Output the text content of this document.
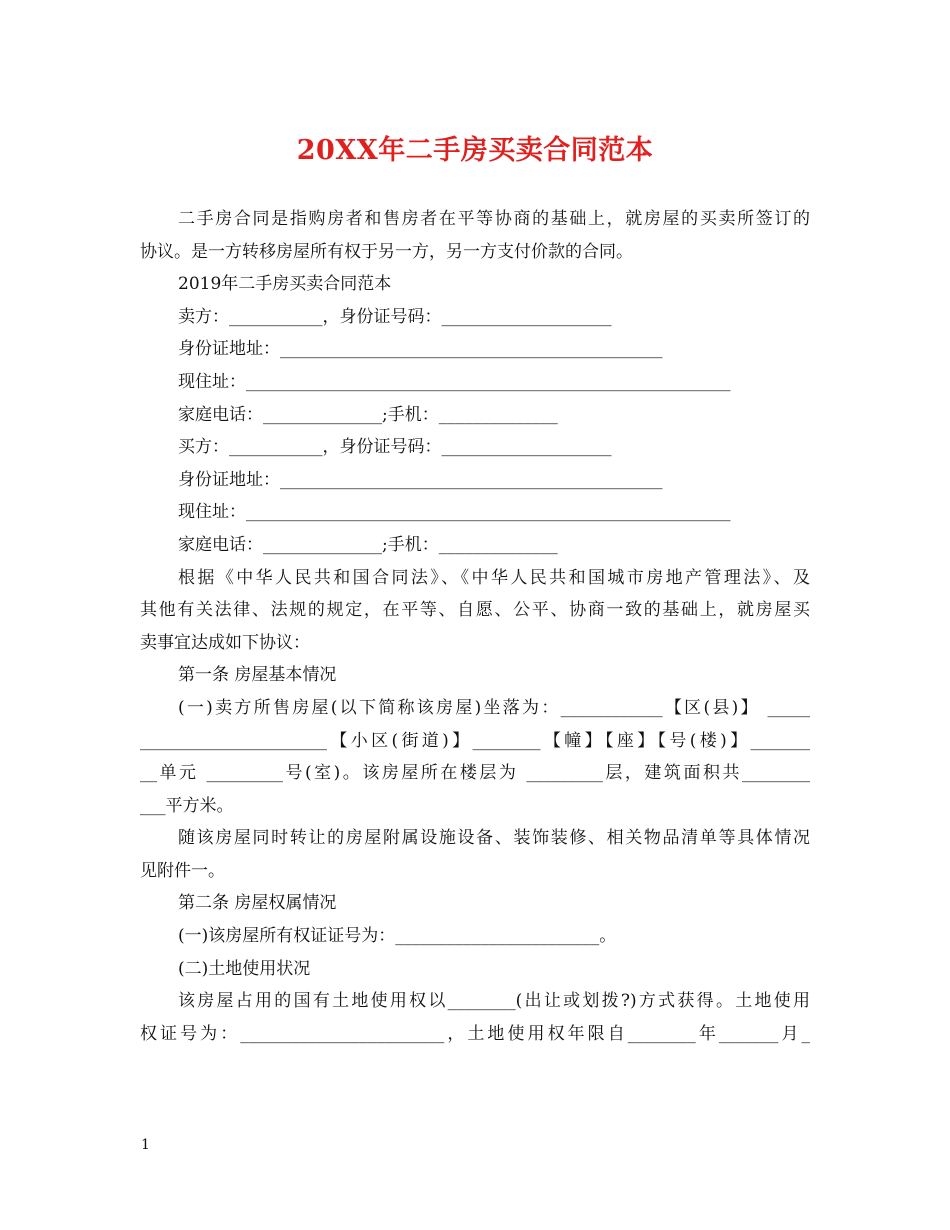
20XX年二手房买卖合同范本
二手房合同是指购房者和售房者在平等协商的基础上，就房屋的买卖所签订的
协议。是一方转移房屋所有权于另一方，另一方支付价款的合同。
2019年二手房买卖合同范本
卖方：___________，身份证号码：____________________
身份证地址：_____________________________________________
现住址：_________________________________________________________
家庭电话：______________;手机：______________
买方：___________，身份证号码：____________________
身份证地址：_____________________________________________
现住址：_________________________________________________________
家庭电话：______________;手机：______________
根据《中华人民共和国合同法》、《中华人民共和国城市房地产管理法》、及
其他有关法律、法规的规定，在平等、自愿、公平、协商一致的基础上，就房屋买
卖事宜达成如下协议：
第一条 房屋基本情况
(一)卖方所售房屋(以下简称该房屋)坐落为：____________【区(县)】 _____
______________________【小区(街道)】________【幢】【座】【号(楼)】_______
__单元 _________号(室)。该房屋所在楼层为 _________层，建筑面积共________
___平方米。
随该房屋同时转让的房屋附属设施设备、装饰装修、相关物品清单等具体情况
见附件一。
第二条 房屋权属情况
(一)该房屋所有权证证号为：________________________。
(二)土地使用状况
该房屋占用的国有土地使用权以________(出让或划拨?)方式获得。土地使用
权证号为：________________________，土地使用权年限自________年_______月_
1
